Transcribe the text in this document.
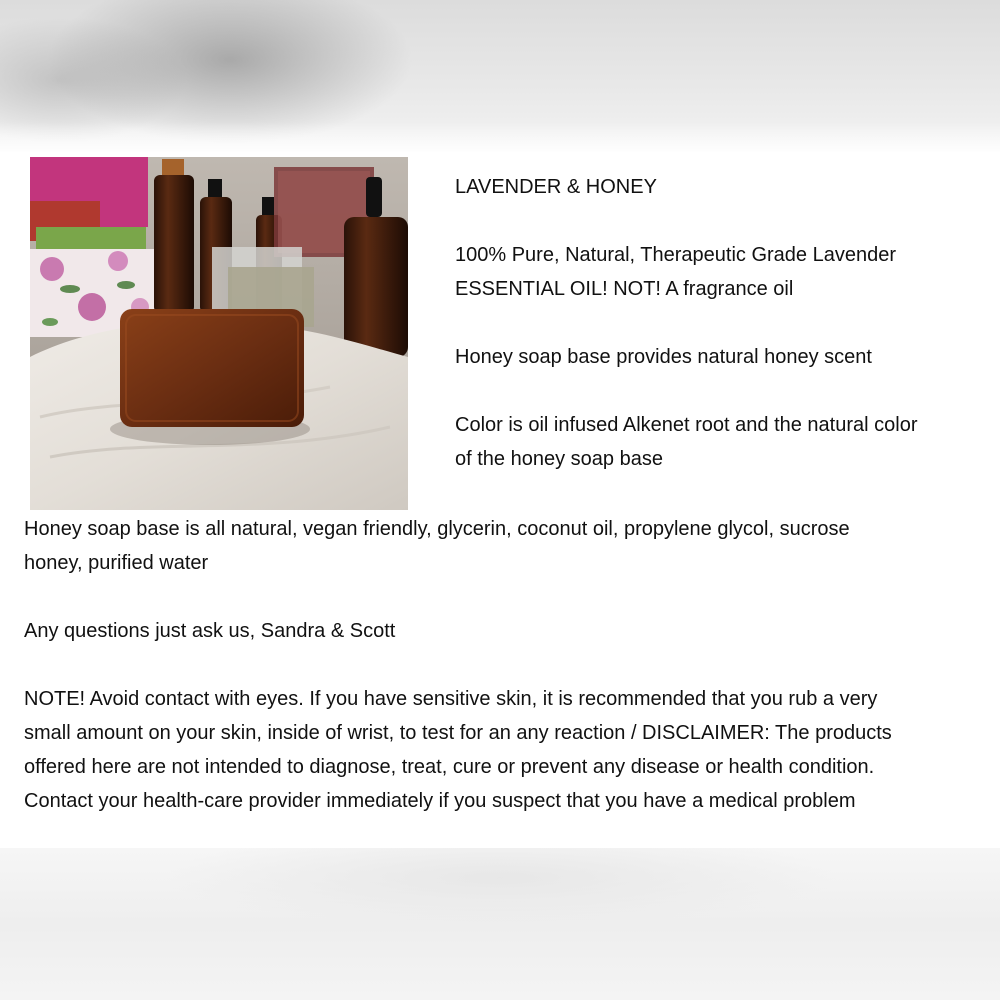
LAVENDER & HONEY

100% Pure, Natural, Therapeutic Grade Lavender
ESSENTIAL OIL! NOT! A fragrance oil

Honey soap base provides natural honey scent

Color is oil infused Alkenet root and the natural color
of the honey soap base

Honey soap base is all natural, vegan friendly, glycerin, coconut oil, propylene glycol, sucrose
honey, purified water

Any questions just ask us, Sandra & Scott

NOTE! Avoid contact with eyes. If you have sensitive skin, it is recommended that you rub a very
small amount on your skin, inside of wrist, to test for an any reaction / DISCLAIMER: The products
offered here are not intended to diagnose, treat, cure or prevent any disease or health condition.
Contact your health-care provider immediately if you suspect that you have a medical problem
